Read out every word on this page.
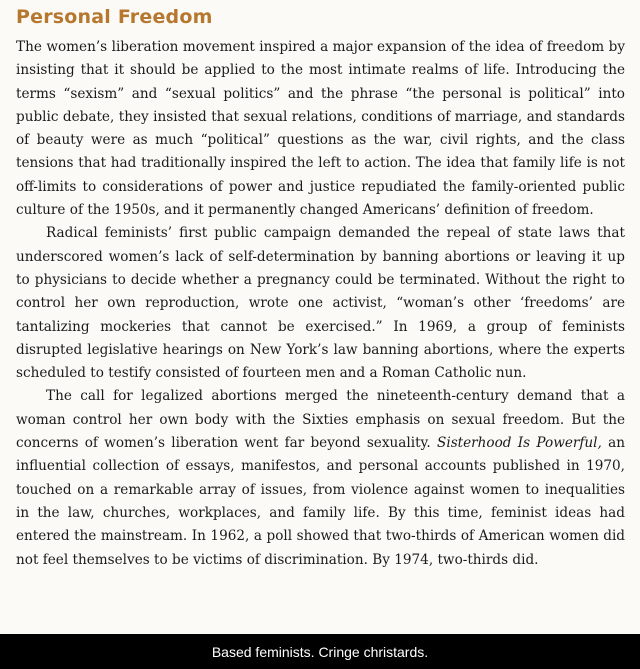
Personal Freedom

The women’s liberation movement inspired a major expansion of the idea of freedom by insisting that it should be applied to the most intimate realms of life. Introducing the terms “sexism” and “sexual politics” and the phrase “the personal is political” into public debate, they insisted that sexual relations, conditions of marriage, and standards of beauty were as much “political” questions as the war, civil rights, and the class tensions that had traditionally inspired the left to action. The idea that family life is not off-limits to considerations of power and justice repudiated the family-oriented public culture of the 1950s, and it permanently changed Americans’ definition of freedom.

Radical feminists’ first public campaign demanded the repeal of state laws that underscored women’s lack of self-determination by banning abortions or leaving it up to physicians to decide whether a pregnancy could be terminated. Without the right to control her own reproduction, wrote one activist, “woman’s other ‘freedoms’ are tantalizing mockeries that cannot be exercised.” In 1969, a group of feminists disrupted legislative hearings on New York’s law banning abortions, where the experts scheduled to testify consisted of fourteen men and a Roman Catholic nun.

The call for legalized abortions merged the nineteenth-century demand that a woman control her own body with the Sixties emphasis on sexual freedom. But the concerns of women’s liberation went far beyond sexuality. Sisterhood Is Powerful, an influential collection of essays, manifestos, and personal accounts published in 1970, touched on a remarkable array of issues, from violence against women to inequalities in the law, churches, workplaces, and family life. By this time, feminist ideas had entered the mainstream. In 1962, a poll showed that two-thirds of American women did not feel themselves to be victims of discrimination. By 1974, two-thirds did.

Based feminists. Cringe christards.
